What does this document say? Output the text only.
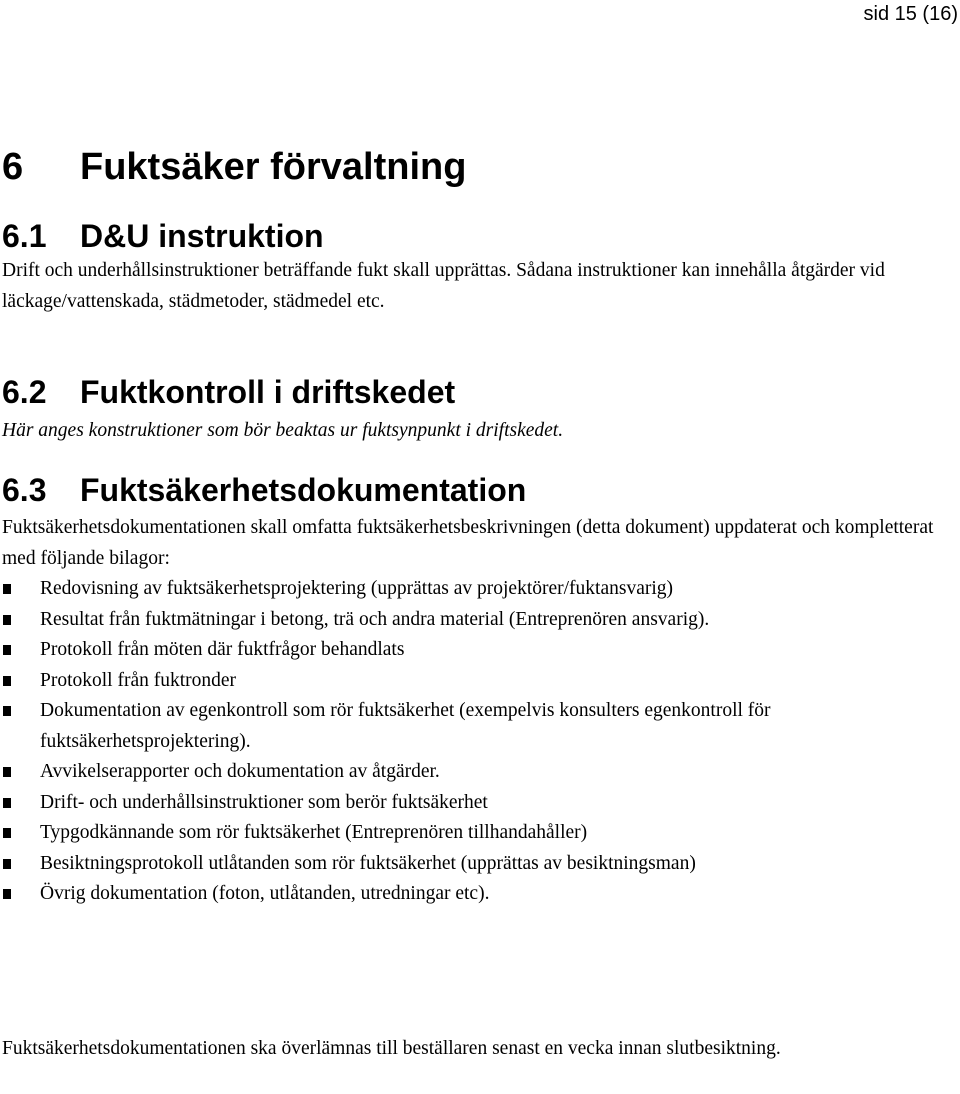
sid 15 (16)
6 Fuktsäker förvaltning
6.1 D&U instruktion

Drift och underhållsinstruktioner beträffande fukt skall upprättas. Sådana instruktioner kan innehålla åtgärder vid läckage/vattenskada, städmetoder, städmedel etc.

6.2 Fuktkontroll i driftskedet

Här anges konstruktioner som bör beaktas ur fuktsynpunkt i driftskedet.

6.3 Fuktsäkerhetsdokumentation

Fuktsäkerhetsdokumentationen skall omfatta fuktsäkerhetsbeskrivningen (detta dokument) uppdaterat och kompletterat med följande bilagor:

Redovisning av fuktsäkerhetsprojektering (upprättas av projektörer/fuktansvarig)
Resultat från fuktmätningar i betong, trä och andra material (Entreprenören ansvarig).
Protokoll från möten där fuktfrågor behandlats
Protokoll från fuktronder
Dokumentation av egenkontroll som rör fuktsäkerhet (exempelvis konsulters egenkontroll för fuktsäkerhetsprojektering).
Avvikelserapporter och dokumentation av åtgärder.
Drift- och underhållsinstruktioner som berör fuktsäkerhet
Typgodkännande som rör fuktsäkerhet (Entreprenören tillhandahåller)
Besiktningsprotokoll utlåtanden som rör fuktsäkerhet (upprättas av besiktningsman)
Övrig dokumentation (foton, utlåtanden, utredningar etc).

Fuktsäkerhetsdokumentationen ska överlämnas till beställaren senast en vecka innan slutbesiktning.
